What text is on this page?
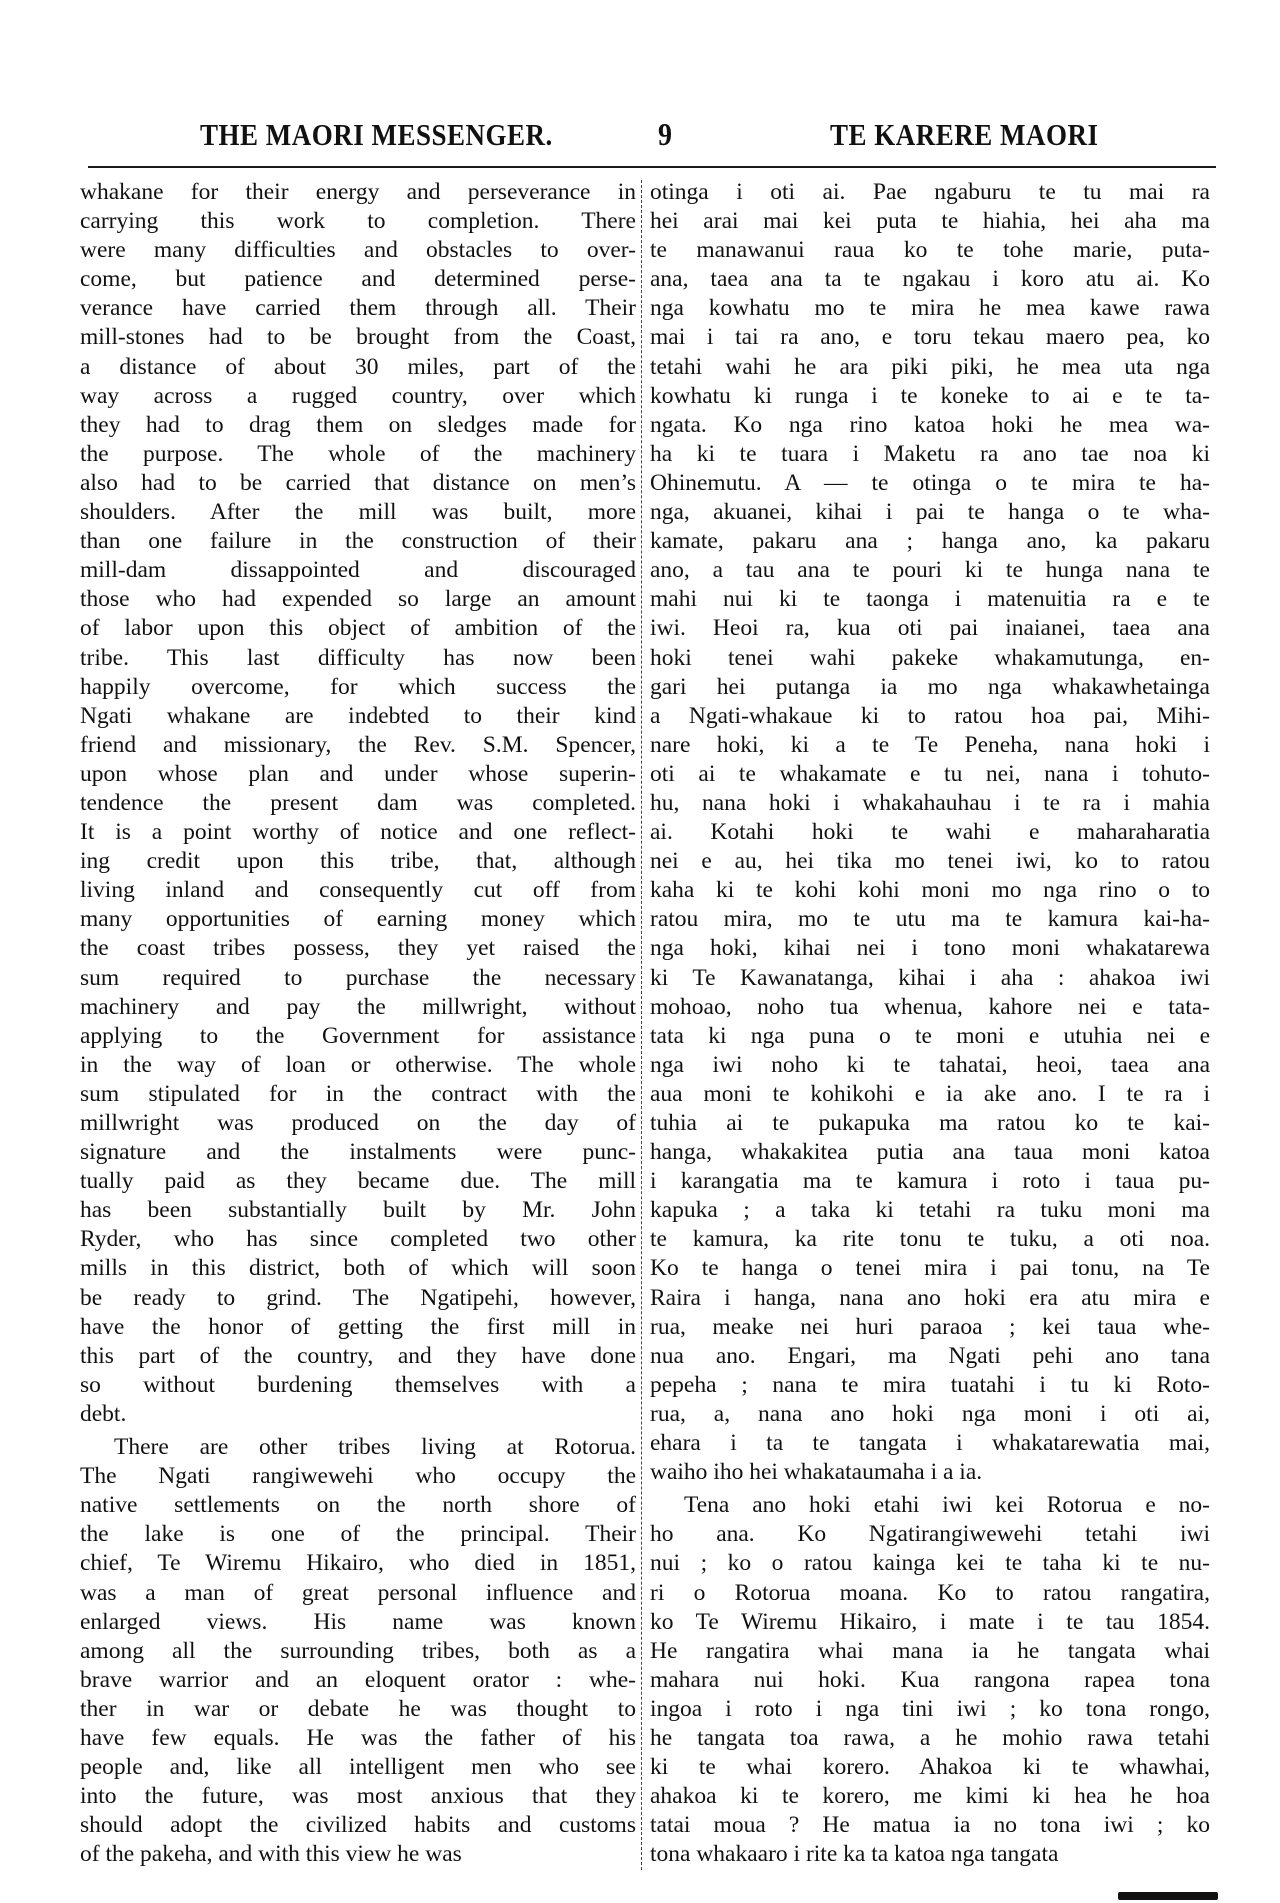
THE MAORI MESSENGER.	9	TE KARERE MAORI
whakane for their energy and perseverance in
carrying this work to completion. There
were many difficulties and obstacles to over-
come, but patience and determined perse-
verance have carried them through all. Their
mill-stones had to be brought from the Coast,
a distance of about 30 miles, part of the
way across a rugged country, over which
they had to drag them on sledges made for
the purpose. The whole of the machinery
also had to be carried that distance on men’s
shoulders. After the mill was built, more
than one failure in the construction of their
mill-dam dissappointed and discouraged
those who had expended so large an amount
of labor upon this object of ambition of the
tribe. This last difficulty has now been
happily overcome, for which success the
Ngati whakane are indebted to their kind
friend and missionary, the Rev. S.M. Spencer,
upon whose plan and under whose superin-
tendence the present dam was completed.
It is a point worthy of notice and one reflect-
ing credit upon this tribe, that, although
living inland and consequently cut off from
many opportunities of earning money which
the coast tribes possess, they yet raised the
sum required to purchase the necessary
machinery and pay the millwright, without
applying to the Government for assistance
in the way of loan or otherwise. The whole
sum stipulated for in the contract with the
millwright was produced on the day of
signature and the instalments were punc-
tually paid as they became due. The mill
has been substantially built by Mr. John
Ryder, who has since completed two other
mills in this district, both of which will soon
be ready to grind. The Ngatipehi, however,
have the honor of getting the first mill in
this part of the country, and they have done
so without burdening themselves with a
debt.
There are other tribes living at Rotorua.
The Ngati rangiwewehi who occupy the
native settlements on the north shore of
the lake is one of the principal. Their
chief, Te Wiremu Hikairo, who died in 1851,
was a man of great personal influence and
enlarged views. His name was known
among all the surrounding tribes, both as a
brave warrior and an eloquent orator : whe-
ther in war or debate he was thought to
have few equals. He was the father of his
people and, like all intelligent men who see
into the future, was most anxious that they
should adopt the civilized habits and customs
of the pakeha, and with this view he was
otinga i oti ai. Pae ngaburu te tu mai ra
hei arai mai kei puta te hiahia, hei aha ma
te manawanui raua ko te tohe marie, puta-
ana, taea ana ta te ngakau i koro atu ai. Ko
nga kowhatu mo te mira he mea kawe rawa
mai i tai ra ano, e toru tekau maero pea, ko
tetahi wahi he ara piki piki, he mea uta nga
kowhatu ki runga i te koneke to ai e te ta-
ngata. Ko nga rino katoa hoki he mea wa-
ha ki te tuara i Maketu ra ano tae noa ki
Ohinemutu. A — te otinga o te mira te ha-
nga, akuanei, kihai i pai te hanga o te wha-
kamate, pakaru ana ; hanga ano, ka pakaru
ano, a tau ana te pouri ki te hunga nana te
mahi nui ki te taonga i matenuitia ra e te
iwi. Heoi ra, kua oti pai inaianei, taea ana
hoki tenei wahi pakeke whakamutunga, en-
gari hei putanga ia mo nga whakawhetainga
a Ngati-whakaue ki to ratou hoa pai, Mihi-
nare hoki, ki a te Te Peneha, nana hoki i
oti ai te whakamate e tu nei, nana i tohuto-
hu, nana hoki i whakahauhau i te ra i mahia
ai. Kotahi hoki te wahi e maharaharatia
nei e au, hei tika mo tenei iwi, ko to ratou
kaha ki te kohi kohi moni mo nga rino o to
ratou mira, mo te utu ma te kamura kai-ha-
nga hoki, kihai nei i tono moni whakatarewa
ki Te Kawanatanga, kihai i aha : ahakoa iwi
mohoao, noho tua whenua, kahore nei e tata-
tata ki nga puna o te moni e utuhia nei e
nga iwi noho ki te tahatai, heoi, taea ana
aua moni te kohikohi e ia ake ano. I te ra i
tuhia ai te pukapuka ma ratou ko te kai-
hanga, whakakitea putia ana taua moni katoa
i karangatia ma te kamura i roto i taua pu-
kapuka ; a taka ki tetahi ra tuku moni ma
te kamura, ka rite tonu te tuku, a oti noa.
Ko te hanga o tenei mira i pai tonu, na Te
Raira i hanga, nana ano hoki era atu mira e
rua, meake nei huri paraoa ; kei taua whe-
nua ano. Engari, ma Ngati pehi ano tana
pepeha ; nana te mira tuatahi i tu ki Roto-
rua, a, nana ano hoki nga moni i oti ai,
ehara i ta te tangata i whakatarewatia mai,
waiho iho hei whakataumaha i a ia.
Tena ano hoki etahi iwi kei Rotorua e no-
ho ana. Ko Ngatirangiwewehi tetahi iwi
nui ; ko o ratou kainga kei te taha ki te nu-
ri o Rotorua moana. Ko to ratou rangatira,
ko Te Wiremu Hikairo, i mate i te tau 1854.
He rangatira whai mana ia he tangata whai
mahara nui hoki. Kua rangona rapea tona
ingoa i roto i nga tini iwi ; ko tona rongo,
he tangata toa rawa, a he mohio rawa tetahi
ki te whai korero. Ahakoa ki te whawhai,
ahakoa ki te korero, me kimi ki hea he hoa
tatai moua ? He matua ia no tona iwi ; ko
tona whakaaro i rite ka ta katoa nga tangata
